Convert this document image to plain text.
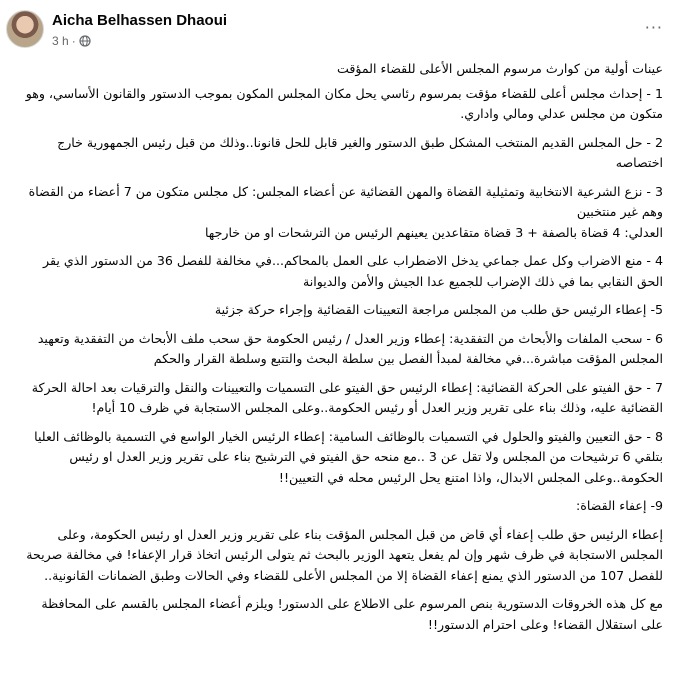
Aicha Belhassen Dhaoui
3 h ·
···

عينات أولية من كوارث مرسوم المجلس الأعلى للقضاء المؤقت

1 - إحداث مجلس أعلى للقضاء مؤقت بمرسوم رئاسي يحل مكان المجلس المكون بموجب الدستور والقانون الأساسي، وهو متكون من مجلس عدلي ومالي واداري.

2 - حل المجلس القديم المنتخب المشكل طبق الدستور والغير قابل للحل قانونا..وذلك من قبل رئيس الجمهورية خارج اختصاصه

3 - نزع الشرعية الانتخابية وتمثيلية القضاة والمهن القضائية عن أعضاء المجلس: كل مجلس متكون من 7 أعضاء من القضاة وهم غير منتخبين
العدلي: 4 قضاة بالصفة + 3 قضاة متقاعدين يعينهم الرئيس من الترشحات او من خارجها

4 - منع الاضراب وكل عمل جماعي يدخل الاضطراب على العمل بالمحاكم...في مخالفة للفصل 36 من الدستور الذي يقر الحق النقابي بما في ذلك الإضراب للجميع عدا الجيش والأمن والديوانة

5- إعطاء الرئيس حق طلب من المجلس مراجعة التعيينات القضائية وإجراء حركة جزئية

6 - سحب الملفات والأبحاث من التفقدية: إعطاء وزير العدل / رئيس الحكومة حق سحب ملف الأبحاث من التفقدية وتعهيد المجلس المؤقت مباشرة...في مخالفة لمبدأ الفصل بين سلطة البحث والتتبع وسلطة القرار والحكم

7 - حق الفيتو على الحركة القضائية: إعطاء الرئيس حق الفيتو على التسميات والتعيينات والنقل والترقيات بعد احالة الحركة القضائية عليه، وذلك بناء على تقرير وزير العدل أو رئيس الحكومة..وعلى المجلس الاستجابة في ظرف 10 أيام!

8 - حق التعيين والفيتو والحلول في التسميات بالوظائف السامية: إعطاء الرئيس الخيار الواسع في التسمية بالوظائف العليا بتلقي 6 ترشيحات من المجلس ولا تقل عن 3 ..مع منحه حق الفيتو في الترشيح بناء على تقرير وزير العدل او رئيس الحكومة..وعلى المجلس الابدال، واذا امتنع يحل الرئيس محله في التعيين!!

9- إعفاء القضاة:

إعطاء الرئيس حق طلب إعفاء أي قاض من قبل المجلس المؤقت بناء على تقرير وزير العدل او رئيس الحكومة، وعلى المجلس الاستجابة في ظرف شهر وإن لم يفعل يتعهد الوزير بالبحث ثم يتولى الرئيس اتخاذ قرار الإعفاء! في مخالفة صريحة للفصل 107 من الدستور الذي يمنع إعفاء القضاة إلا من المجلس الأعلى للقضاء وفي الحالات وطبق الضمانات القانونية..

مع كل هذه الخروقات الدستورية بنص المرسوم على الاطلاع على الدستور! ويلزم أعضاء المجلس بالقسم على المحافظة على استقلال القضاء! وعلى احترام الدستور!!
